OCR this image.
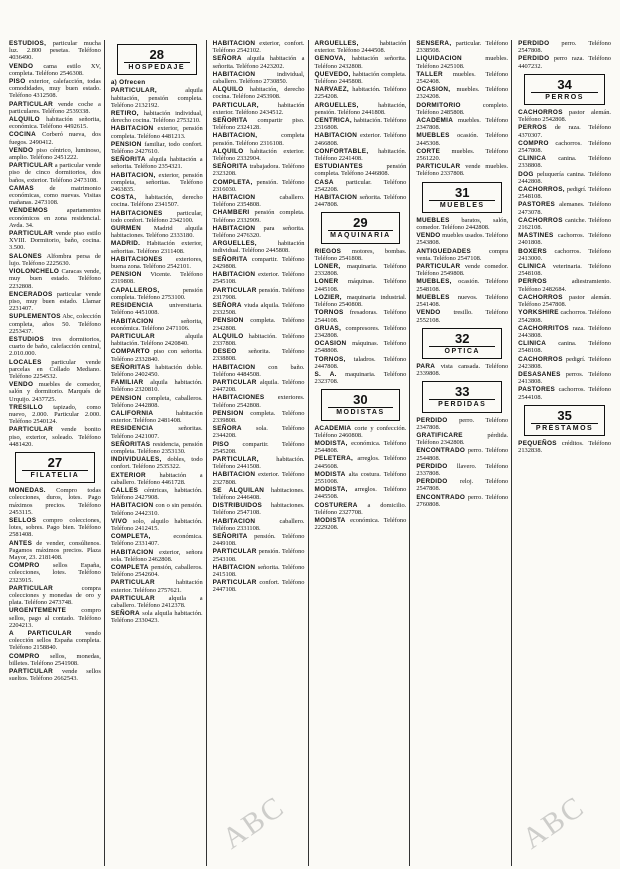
ESTUDIOS, particular mucha luz. 2.800 pesetas. Teléfono 4036490.

VENDO cama estilo XV, completa. Teléfono 2546308.

PISO exterior, calefacción, todas comodidades, muy buen estado. Teléfono 4312508.

PARTICULAR vende coche a particulares. Teléfono 2539338.

ALQUILO habitación señorita, económica. Teléfono 4492615.

COCINA Corberó nueva, dos fuegos. 2490412.

VENDO piso céntrico, luminoso, amplio. Teléfono 2451222.

PARTICULAR a particular vende piso de cinco dormitorios, dos baños, exterior. Teléfono 2473108.

CAMAS de matrimonio económicas, como nuevas. Visitas mañanas. 2473108.

VENDEMOS	apartamentos económicos en zona residencial. Avda. 34.

PARTICULAR vende piso estilo XVIII. Dormitorio, baño, cocina. 3.500.

SALONES Alfombra persa de lujo. Teléfono 2225630.

VIOLONCHELO Caracas vende, muy buen estado. Teléfono 2232808.

ENCERADOS particular vende piso, muy buen estado. Llamar 2231407.

SUPLEMENTOS Abc, colección completa, años 50. Teléfono 2253437.

ESTUDIOS tres dormitorios, cuarto de baño, calefacción central, 2.010.000.

LOCALES particular vende parcelas en Collado Mediano. Teléfono 2254532.

VENDO muebles de comedor, salón y dormitorio. Marqués de Urquijo. 2437725.

TRESILLO tapizado, como nuevo, 2.000. Particular 2.000. Teléfono 2540124.

PARTICULAR vende bonito piso, exterior, soleado. Teléfono 4481420.

27
FILATELIA

MONEDAS. Compro todas colecciones, duros, lotes. Pago máximos precios. Teléfono 2453115.

SELLOS compro colecciones, lotes, sobres. Pago bien. Teléfono 2581408.

ANTES de vender, consúltenos. Pagamos máximos precios. Plaza Mayor, 23. 2181408.

COMPRO sellos España, colecciones, lotes. Teléfono 2323915.

PARTICULAR	compra colecciones y monedas de oro y plata. Teléfono 2473748.

URGENTEMENTE compro sellos, pago al contado. Teléfono 2204213.

A PARTICULAR vendo colección sellos España completa. Teléfono 2158840.

COMPRO sellos, monedas, billetes. Teléfono 2541908.

PARTICULAR vende sellos sueltos. Teléfono 2662543.

28
HOSPEDAJE

a) Ofrecen

PARTICULAR,	alquila habitación, pensión completa. Teléfono 2132192.

RETIRO, habitación individual, derecho cocina. Teléfono 2753210.

HABITACION exterior, pensión completa. Teléfono 4481213.

PENSION familiar, todo confort. Teléfono 2427610.

SEÑORITA alquila habitación a señorita. Teléfono 2354321.

HABITACION, exterior, pensión completa, señoritas. Teléfono 2463835.

COSTA, habitación, derecho cocina. Teléfono 2341507.

HABITACIONES particular, todo confort. Teléfono 2342100.

GURMEN Madrid alquila habitaciones. Teléfono 2333180.

MADRID. Habitación exterior, señoritas. Teléfono 2311408.

HABITACIONES exteriores, buena zona. Teléfono 2542101.

PENSION Vicente. Teléfono 2319808.

CAPALLEROS,	pensión completa. Teléfono 2753100.

RESIDENCIA universitaria. Teléfono 4451008.

HABITACION	señorita, económica. Teléfono 2471106.

PARTICULAR	alquila habitación. Teléfono 2420840.

COMPARTO piso con señorita. Teléfono 2332840.

SEÑORITAS habitación doble. Teléfono 2402450.

FAMILIAR alquila habitación. Teléfono 2320810.

PENSION completa, caballeros. Teléfono 2442808.

CALIFORNIA	habitación exterior. Teléfono 2481408.

RESIDENCIA	señoritas. Teléfono 2421007.

SEÑORITAS residencia, pensión completa. Teléfono 2353130.

INDIVIDUALES, dobles, todo confort. Teléfono 2535322.

EXTERIOR habitación a caballero. Teléfono 4461728.

CALLES céntricas, habitación. Teléfono 2427908.

HABITACION con o sin pensión. Teléfono 2442310.

VIVO solo, alquilo habitación. Teléfono 2412415.

COMPLETA,	económica. Teléfono 2331407.

HABITACION exterior, señora sola. Teléfono 2462808.

COMPLETA pensión, caballeros. Teléfono 2542604.

PARTICULAR	habitación exterior. Teléfono 2757621.

PARTICULAR alquila a caballero. Teléfono 2412378.

SEÑORA sola alquila habitación. Teléfono 2330423.

HABITACION exterior, confort. Teléfono 2542102.

SEÑORA alquila habitación a señorita. Teléfono 2423202.

HABITACION	individual, caballero. Teléfono 2730850.

ALQUILO habitación, derecho cocina. Teléfono 2453908.

PARTICULAR,	habitación exterior. Teléfono 2434512.

SEÑORITA compartir piso. Teléfono 2324128.

HABITACION,	completa pensión. Teléfono 2316108.

ALQUILO habitación exterior. Teléfono 2332904.

SEÑORITA trabajadora. Teléfono 2323208.

COMPLETA, pensión. Teléfono 2316030.

HABITACION	caballero. Teléfono 2354808.

CHAMBERI pensión completa. Teléfono 2332909.

HABITACION para señorita. Teléfono 2476320.

ARGUELLES,	habitación individual. Teléfono 2445808.

SEÑORITA compartir. Teléfono 2429808.

HABITACION exterior. Teléfono 2545108.

PARTICULAR pensión. Teléfono 2317908.

SEÑORA viuda alquila. Teléfono 2332508.

PENSION completa. Teléfono 2342808.

ALQUILO habitación. Teléfono 2337808.

DESEO señorita. Teléfono 2338808.

HABITACION con baño. Teléfono 4484508.

PARTICULAR alquila. Teléfono 2447208.

HABITACIONES exteriores. Teléfono 2542808.

PENSION completa. Teléfono 2339808.

SEÑORA sola. Teléfono 2344208.

PISO compartir. Teléfono 2545208.

PARTICULAR,	habitación. Teléfono 2441508.

HABITACION exterior. Teléfono 2327808.

SE ALQUILAN habitaciones. Teléfono 2446408.

DISTRIBUIDOS habitaciones. Teléfono 2547108.

HABITACION	caballero. Teléfono 2331108.

SEÑORITA pensión. Teléfono 2449108.

PARTICULAR pensión. Teléfono 2543108.

HABITACION señorita. Teléfono 2415108.

PARTICULAR confort. Teléfono 2447108.

ARGUELLES,	habitación exterior. Teléfono 2444508.

GENOVA, habitación señorita. Teléfono 2432808.

QUEVEDO, habitación completa. Teléfono 2445808.

NARVAEZ, habitación. Teléfono 2254208.

ARGUELLES,	habitación, pensión. Teléfono 2441808.

CENTRICA, habitación. Teléfono 2316808.

HABITACION exterior. Teléfono 2466808.

CONFORTABLE, habitación. Teléfono 2241408.

ESTUDIANTES	pensión completa. Teléfono 2446808.

CASA particular. Teléfono 2542208.

HABITACION señorita. Teléfono 2447808.

29
MAQUINARIA

RIEGOS motores, bombas. Teléfono 2541808.

LONER, maquinaria. Teléfono 2332808.

LONER máquinas. Teléfono 2445108.

LOZIER, maquinaria industrial. Teléfono 2540808.

TORNOS fresadoras. Teléfono 2544108.

GRUAS, compresores. Teléfono 2342808.

OCASION máquinas. Teléfono 2548808.

TORNOS, taladros. Teléfono 2447808.

S. A. maquinaria. Teléfono 2323708.

30
MODISTAS

ACADEMIA corte y confección. Teléfono 2460808.

MODISTA, económica. Teléfono 2544808.

PELETERA, arreglos. Teléfono 2445608.

MODISTA alta costura. Teléfono 2551008.

MODISTA, arreglos. Teléfono 2445508.

COSTURERA a domicilio. Teléfono 2327708.

MODISTA económica. Teléfono 2229208.

SENSERA, particular. Teléfono 2338508.

LIQUIDACION	muebles. Teléfono 2425108.

TALLER muebles. Teléfono 2542408.

OCASION, muebles. Teléfono 2324208.

DORMITORIO	completo. Teléfono 2485808.

ACADEMIA muebles. Teléfono 2347808.

MUEBLES ocasión. Teléfono 2445308.

CORTE muebles. Teléfono 2561220.

PARTICULAR vende muebles. Teléfono 2337808.

31
MUEBLES

MUEBLES baratos, salón, comedor. Teléfono 2442808.

VENDO muebles usados. Teléfono 2543808.

ANTIGUEDADES	compra venta. Teléfono 2547108.

PARTICULAR vende comedor. Teléfono 2549808.

MUEBLES, ocasión. Teléfono 2548108.

MUEBLES nuevos. Teléfono 2541408.

VENDO tresillo. Teléfono 2552108.

32
ÓPTICA

PARA vista cansada. Teléfono 2339808.

33
PERDIDAS

PERDIDO perro. Teléfono 2347808.

GRATIFICARE	pérdida. Teléfono 2342808.

ENCONTRADO perro. Teléfono 2544808.

PERDIDO llavero. Teléfono 2337808.

PERDIDO reloj. Teléfono 2547808.

ENCONTRADO perro. Teléfono 2760808.

PERDIDO perro. Teléfono 2547808.

PERDIDO perro raza. Teléfono 4407232.

34
PERROS

CACHORROS pastor alemán. Teléfono 2542808.

PERROS de raza. Teléfono 4370307.

COMPRO cachorros. Teléfono 2547808.

CLINICA canina. Teléfono 2338808.

DOG peluquería canina. Teléfono 2442808.

CACHORROS, pedigrí. Teléfono 2548108.

PASTORES alemanes. Teléfono 2473078.

CACHORROS caniche. Teléfono 2162108.

MASTINES cachorros. Teléfono 2401808.

BOXERS cachorros. Teléfono 2413000.

CLINICA veterinaria. Teléfono 2548108.

PERROS	adiestramiento. Teléfono 2482684.

CACHORROS pastor alemán. Teléfono 2547808.

YORKSHIRE cachorros. Teléfono 2542808.

CACHORRITOS raza. Teléfono 2443808.

CLINICA canina. Teléfono 2548108.

CACHORROS pedigrí. Teléfono 2423808.

DESASANES perros. Teléfono 2413808.

PASTORES cachorros. Teléfono 2544108.

35
PRÉSTAMOS

PEQUEÑOS créditos. Teléfono 2132838.

ABC	ABC
